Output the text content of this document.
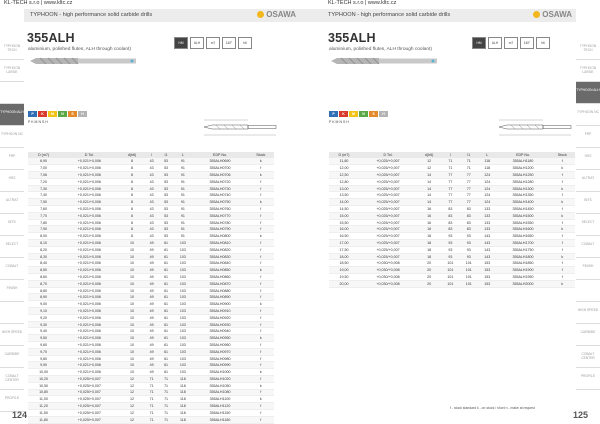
KL-TECH s.r.o | www.kltc.cz
TYPHOON - high performance solid carbide drills	OSAWA
TYPHOON TECH
TYPHOON LARGE
TYPHOON ALH
TYPHOON NC
FRP
HSS
ULTRAT
BITS
SELECT
COBALT
FINISH
HIGH SPEED
CARBIDE
COBALT CENTER
PROFILE
355ALH
aluminium, polished flutes, ALH through coolant)
HM	ALH	m7	140°	h6
P	K	M	N	S	H
P K M N S H
D (m7)	D Tol.	d(h6)	l	l1	L	EDP No.	Stock
6,90	+0,021/+0,006	8	43	53	91	355ALH0690	k
7,00	+0,021/+0,006	8	43	53	91	355ALH0700	f
7,06	+0,021/+0,006	8	43	53	91	355ALH0706	k
7,20	+0,021/+0,006	8	43	53	91	355ALH0720	f
7,30	+0,021/+0,006	8	43	53	91	355ALH0730	f
7,40	+0,021/+0,006	8	43	53	91	355ALH0740	f
7,50	+0,021/+0,006	8	43	53	91	355ALH0750	k
7,60	+0,021/+0,006	8	43	53	91	355ALH0760	f
7,70	+0,021/+0,006	8	43	53	91	355ALH0770	f
7,80	+0,021/+0,006	8	43	53	91	355ALH0780	f
7,90	+0,021/+0,006	8	43	53	91	355ALH0790	f
8,00	+0,021/+0,006	8	43	53	91	355ALH0800	k
8,10	+0,021/+0,006	10	49	61	103	355ALH0810	f
8,20	+0,021/+0,006	10	49	61	103	355ALH0820	f
8,30	+0,021/+0,006	10	49	61	103	355ALH0830	f
8,40	+0,021/+0,006	10	49	61	103	355ALH0840	f
8,50	+0,021/+0,006	10	49	61	103	355ALH0850	k
8,60	+0,021/+0,006	10	49	61	103	355ALH0860	f
8,70	+0,021/+0,006	10	49	61	103	355ALH0870	f
8,80	+0,021/+0,006	10	49	61	103	355ALH0880	f
8,90	+0,021/+0,006	10	49	61	103	355ALH0890	f
9,00	+0,021/+0,006	10	49	61	103	355ALH0900	k
9,10	+0,021/+0,006	10	49	61	103	355ALH0910	f
9,20	+0,021/+0,006	10	49	61	103	355ALH0920	f
9,30	+0,021/+0,006	10	49	61	103	355ALH0930	f
9,40	+0,021/+0,006	10	49	61	103	355ALH0940	f
9,50	+0,021/+0,006	10	49	61	103	355ALH0950	k
9,60	+0,021/+0,006	10	49	61	103	355ALH0960	f
9,70	+0,021/+0,006	10	49	61	103	355ALH0970	f
9,80	+0,021/+0,006	10	49	61	103	355ALH0980	f
9,90	+0,021/+0,006	10	49	61	103	355ALH0990	f
10,00	+0,021/+0,006	10	49	61	103	355ALH1000	k
10,20	+0,025/+0,007	12	71	71	118	355ALH1020	f
10,50	+0,025/+0,007	12	71	71	118	355ALH1050	k
10,80	+0,025/+0,007	12	71	71	118	355ALH1080	f
11,00	+0,025/+0,007	12	71	71	118	355ALH1100	k
11,20	+0,025/+0,007	12	71	71	118	355ALH1120	f
11,50	+0,025/+0,007	12	71	71	118	355ALH1150	f
11,80	+0,025/+0,007	12	71	71	118	355ALH1180	f
124
KL-TECH s.r.o | www.kltc.cz
TYPHOON - high performance solid carbide drills	OSAWA
TYPHOON TECH
TYPHOON LARGE
TYPHOON ALH
TYPHOON NC
FRP
HSS
ULTRAT
BITS
SELECT
COBALT
FINISH
HIGH SPEED
CARBIDE
COBALT CENTER
PROFILE
355ALH
aluminium, polished flutes, ALH through coolant)
HM	ALH	m7	140°	h6
P	K	M	N	S	H
P K M N S H
D (m7)	D Tol.	d(h6)	l	l1	L	EDP No.	Stock
11,80	+0,025/+0,007	12	71	71	118	355ALH1180	f
12,00	+0,025/+0,007	12	71	71	118	355ALH1200	k
12,50	+0,025/+0,007	14	77	77	124	355ALH1250	f
12,80	+0,025/+0,007	14	77	77	124	355ALH1280	f
13,00	+0,025/+0,007	14	77	77	124	355ALH1300	k
13,50	+0,025/+0,007	14	77	77	124	355ALH1350	f
14,00	+0,025/+0,007	14	77	77	124	355ALH1400	k
14,50	+0,025/+0,007	16	83	83	133	355ALH1450	f
15,00	+0,025/+0,007	16	83	83	133	355ALH1500	k
15,50	+0,025/+0,007	16	83	83	133	355ALH1550	f
16,00	+0,025/+0,007	16	83	83	133	355ALH1600	k
16,50	+0,025/+0,007	18	93	93	143	355ALH1650	f
17,00	+0,025/+0,007	18	93	93	143	355ALH1700	f
17,50	+0,025/+0,007	18	93	93	143	355ALH1750	f
18,00	+0,025/+0,007	18	93	93	143	355ALH1800	k
18,50	+0,030/+0,008	20	101	101	153	355ALH1850	f
19,00	+0,030/+0,008	20	101	101	153	355ALH1900	f
19,50	+0,030/+0,008	20	101	101	153	355ALH1950	f
20,00	+0,030/+0,008	20	101	101	153	355ALH2000	k
f - stock standard k - on stock / short n - make at request
125
